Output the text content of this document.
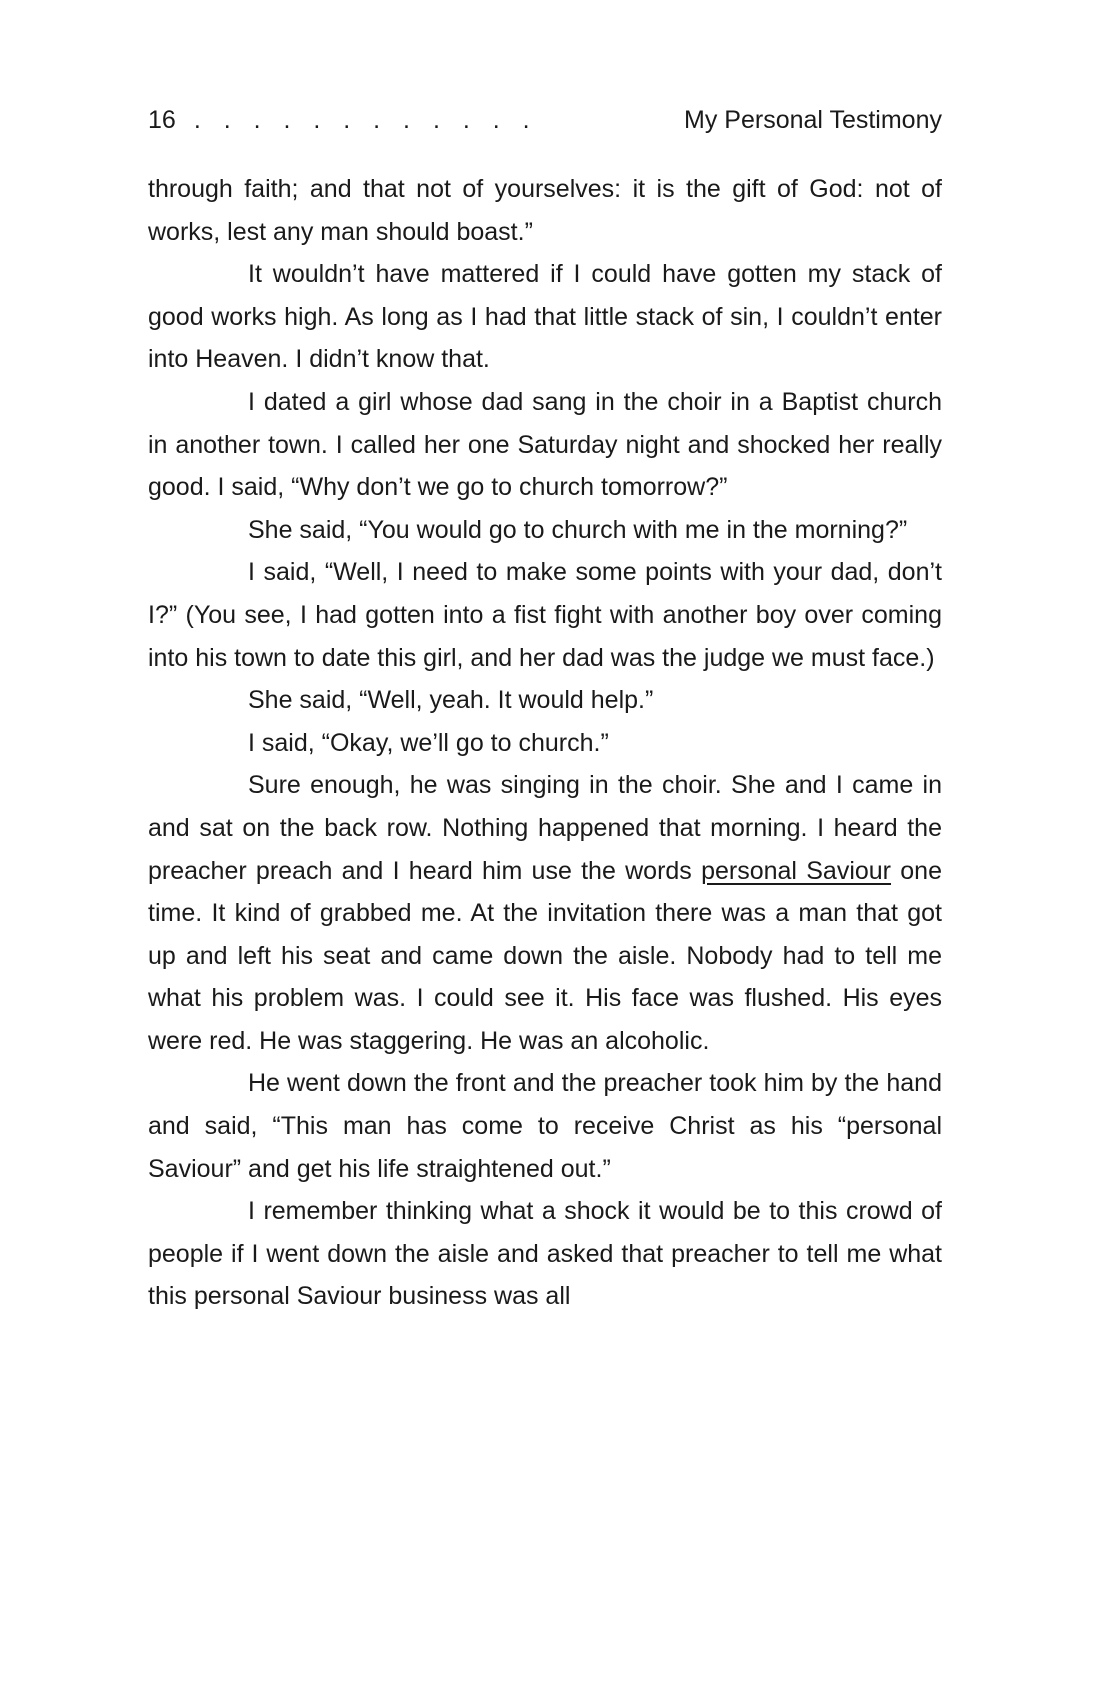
16 . . . . . . . . . . . .	My Personal Testimony

through faith; and that not of yourselves: it is the gift of God: not of works, lest any man should boast.”

It wouldn’t have mattered if I could have gotten my stack of good works high. As long as I had that little stack of sin, I couldn’t enter into Heaven. I didn’t know that.

I dated a girl whose dad sang in the choir in a Baptist church in another town. I called her one Saturday night and shocked her really good. I said, “Why don’t we go to church tomorrow?”

She said, “You would go to church with me in the morning?”

I said, “Well, I need to make some points with your dad, don’t I?” (You see, I had gotten into a fist fight with another boy over coming into his town to date this girl, and her dad was the judge we must face.)

She said, “Well, yeah. It would help.”

I said, “Okay, we’ll go to church.”

Sure enough, he was singing in the choir. She and I came in and sat on the back row. Nothing happened that morning. I heard the preacher preach and I heard him use the words personal Saviour one time. It kind of grabbed me. At the invitation there was a man that got up and left his seat and came down the aisle. Nobody had to tell me what his problem was. I could see it. His face was flushed. His eyes were red. He was staggering. He was an alcoholic.

He went down the front and the preacher took him by the hand and said, “This man has come to receive Christ as his “personal Saviour” and get his life straightened out.”

I remember thinking what a shock it would be to this crowd of people if I went down the aisle and asked that preacher to tell me what this personal Saviour business was all
